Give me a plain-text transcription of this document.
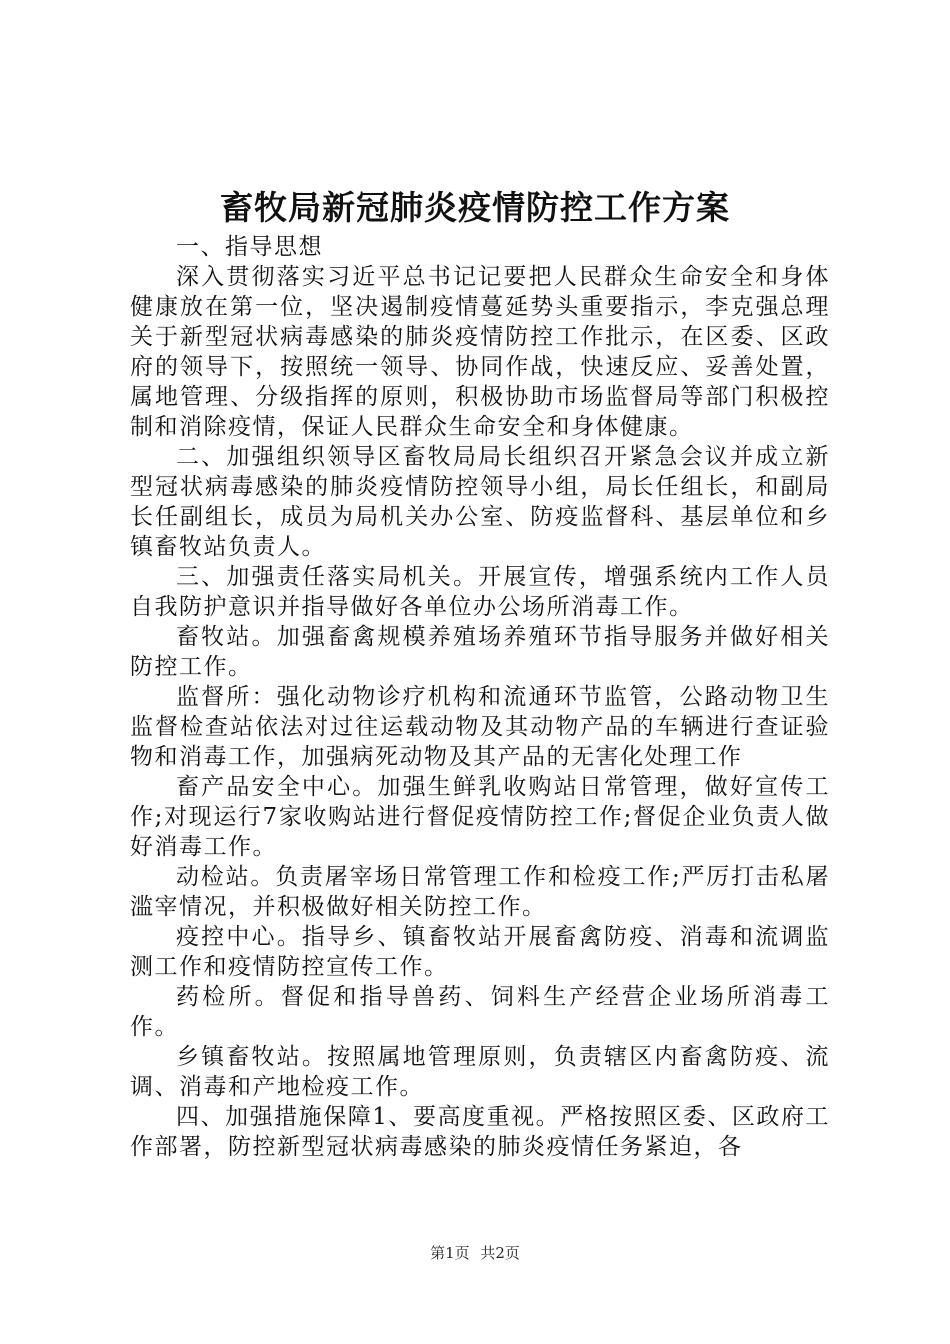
畜牧局新冠肺炎疫情防控工作方案

一、指导思想

深入贯彻落实习近平总书记记要把人民群众生命安全和身体健康放在第一位，坚决遏制疫情蔓延势头重要指示，李克强总理关于新型冠状病毒感染的肺炎疫情防控工作批示，在区委、区政府的领导下，按照统一领导、协同作战，快速反应、妥善处置，属地管理、分级指挥的原则，积极协助市场监督局等部门积极控制和消除疫情，保证人民群众生命安全和身体健康。

二、加强组织领导区畜牧局局长组织召开紧急会议并成立新型冠状病毒感染的肺炎疫情防控领导小组，局长任组长，和副局长任副组长，成员为局机关办公室、防疫监督科、基层单位和乡镇畜牧站负责人。

三、加强责任落实局机关。开展宣传，增强系统内工作人员自我防护意识并指导做好各单位办公场所消毒工作。

畜牧站。加强畜禽规模养殖场养殖环节指导服务并做好相关防控工作。

监督所：强化动物诊疗机构和流通环节监管，公路动物卫生监督检查站依法对过往运载动物及其动物产品的车辆进行查证验物和消毒工作，加强病死动物及其产品的无害化处理工作

畜产品安全中心。加强生鲜乳收购站日常管理，做好宣传工作;对现运行7家收购站进行督促疫情防控工作;督促企业负责人做好消毒工作。

动检站。负责屠宰场日常管理工作和检疫工作;严厉打击私屠滥宰情况，并积极做好相关防控工作。

疫控中心。指导乡、镇畜牧站开展畜禽防疫、消毒和流调监测工作和疫情防控宣传工作。

药检所。督促和指导兽药、饲料生产经营企业场所消毒工作。

乡镇畜牧站。按照属地管理原则，负责辖区内畜禽防疫、流调、消毒和产地检疫工作。

四、加强措施保障1、要高度重视。严格按照区委、区政府工作部署，防控新型冠状病毒感染的肺炎疫情任务紧迫，各

第1页 共2页
